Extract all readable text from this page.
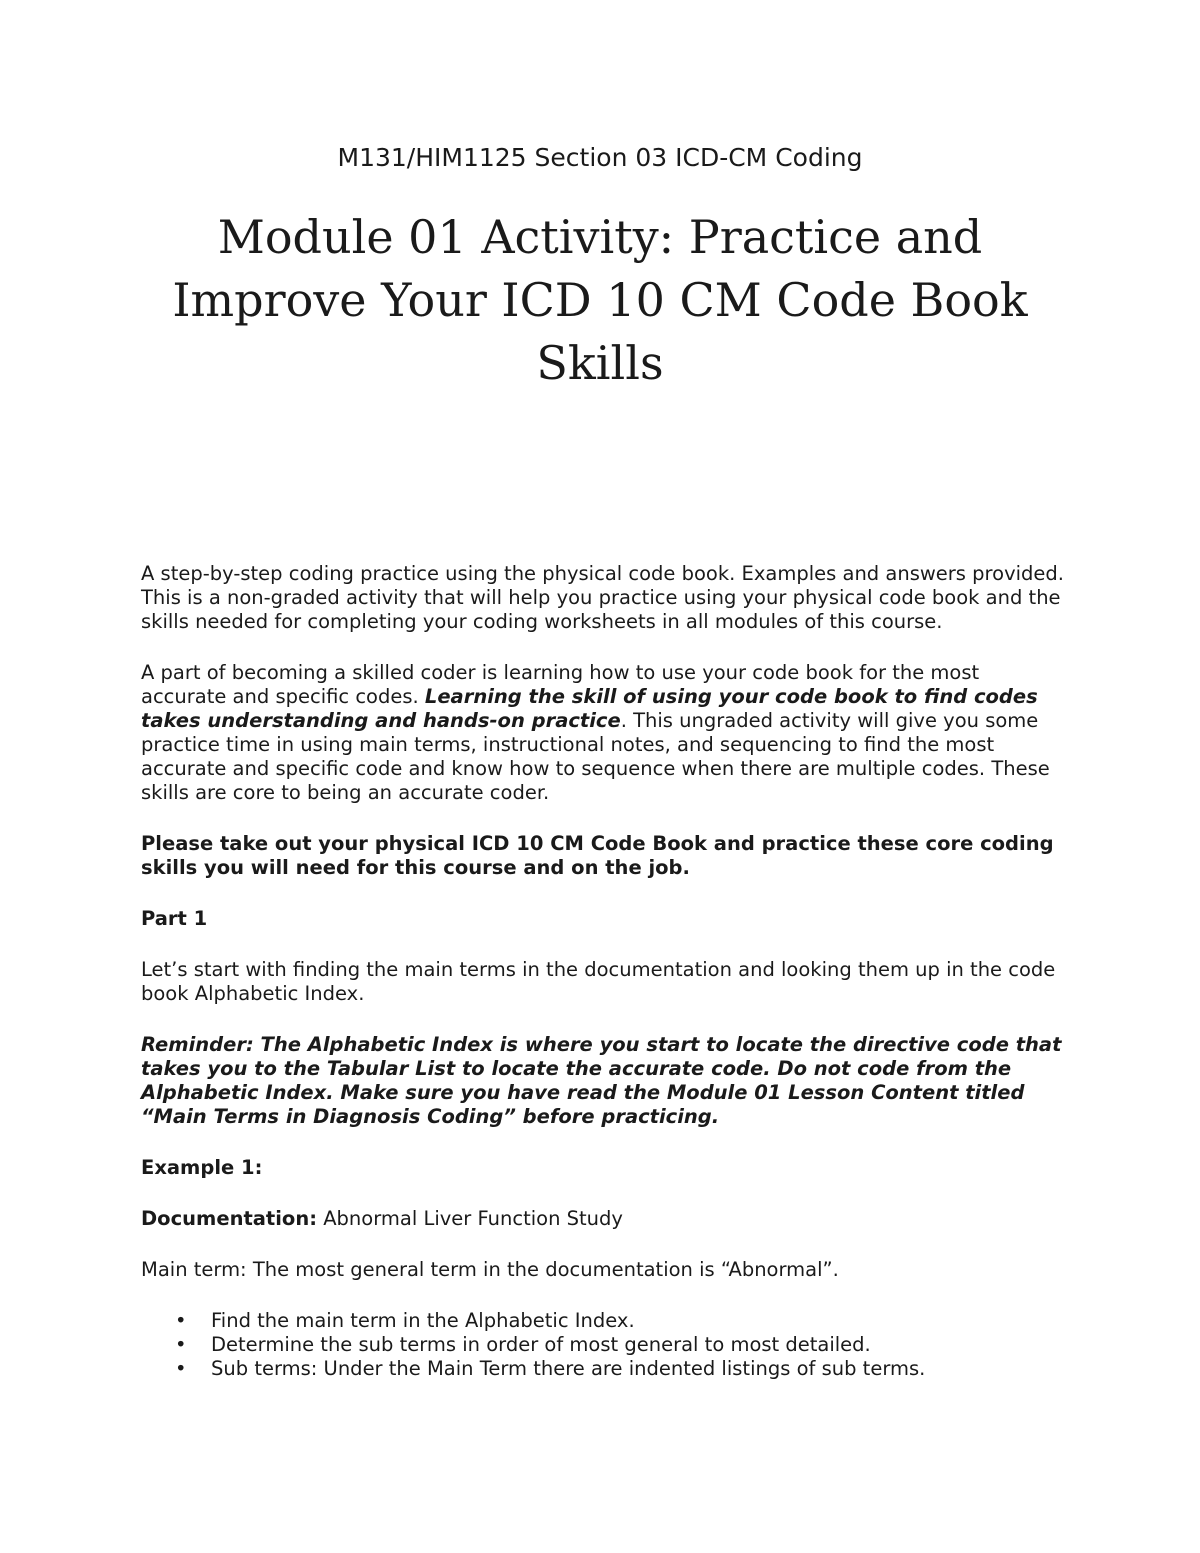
M131/HIM1125 Section 03 ICD-CM Coding
Module 01 Activity: Practice and Improve Your ICD 10 CM Code Book Skills

A step-by-step coding practice using the physical code book. Examples and answers provided. This is a non-graded activity that will help you practice using your physical code book and the skills needed for completing your coding worksheets in all modules of this course.

A part of becoming a skilled coder is learning how to use your code book for the most accurate and specific codes. Learning the skill of using your code book to find codes takes understanding and hands-on practice. This ungraded activity will give you some practice time in using main terms, instructional notes, and sequencing to find the most accurate and specific code and know how to sequence when there are multiple codes. These skills are core to being an accurate coder.

Please take out your physical ICD 10 CM Code Book and practice these core coding skills you will need for this course and on the job.

Part 1

Let’s start with finding the main terms in the documentation and looking them up in the code book Alphabetic Index.

Reminder: The Alphabetic Index is where you start to locate the directive code that takes you to the Tabular List to locate the accurate code. Do not code from the Alphabetic Index. Make sure you have read the Module 01 Lesson Content titled “Main Terms in Diagnosis Coding” before practicing.

Example 1:

Documentation: Abnormal Liver Function Study

Main term: The most general term in the documentation is “Abnormal”.

• Find the main term in the Alphabetic Index.
• Determine the sub terms in order of most general to most detailed.
• Sub terms: Under the Main Term there are indented listings of sub terms.
